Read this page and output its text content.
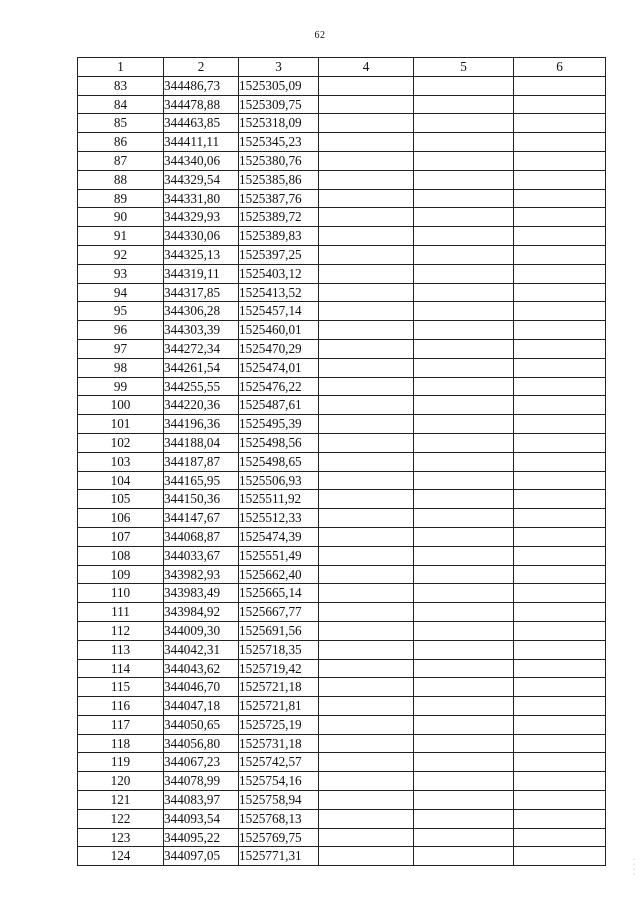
62
1	2	3	4	5	6
83	344486,73	1525305,09			
84	344478,88	1525309,75			
85	344463,85	1525318,09			
86	344411,11	1525345,23			
87	344340,06	1525380,76			
88	344329,54	1525385,86			
89	344331,80	1525387,76			
90	344329,93	1525389,72			
91	344330,06	1525389,83			
92	344325,13	1525397,25			
93	344319,11	1525403,12			
94	344317,85	1525413,52			
95	344306,28	1525457,14			
96	344303,39	1525460,01			
97	344272,34	1525470,29			
98	344261,54	1525474,01			
99	344255,55	1525476,22			
100	344220,36	1525487,61			
101	344196,36	1525495,39			
102	344188,04	1525498,56			
103	344187,87	1525498,65			
104	344165,95	1525506,93			
105	344150,36	1525511,92			
106	344147,67	1525512,33			
107	344068,87	1525474,39			
108	344033,67	1525551,49			
109	343982,93	1525662,40			
110	343983,49	1525665,14			
111	343984,92	1525667,77			
112	344009,30	1525691,56			
113	344042,31	1525718,35			
114	344043,62	1525719,42			
115	344046,70	1525721,18			
116	344047,18	1525721,81			
117	344050,65	1525725,19			
118	344056,80	1525731,18			
119	344067,23	1525742,57			
120	344078,99	1525754,16			
121	344083,97	1525758,94			
122	344093,54	1525768,13			
123	344095,22	1525769,75			
124	344097,05	1525771,31				·
·
·
·
